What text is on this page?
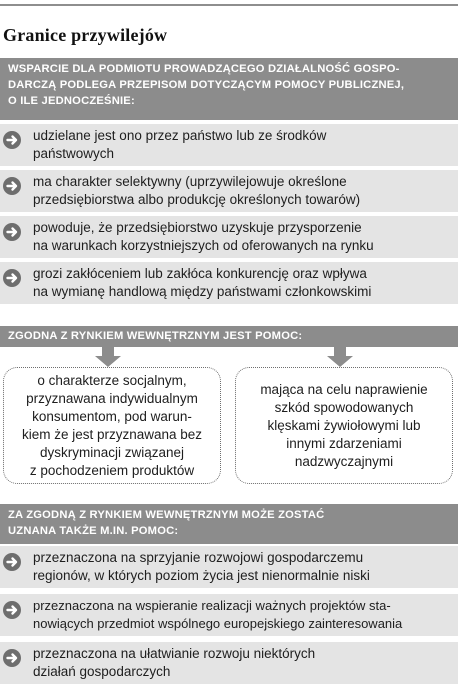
Granice przywilejów
WSPARCIE DLA PODMIOTU PROWADZĄCEGO DZIAŁALNOŚĆ GOSPO-
DARCZĄ PODLEGA PRZEPISOM DOTYCZĄCYM POMOCY PUBLICZNEJ,
O ILE JEDNOCZEŚNIE:
udzielane jest ono przez państwo lub ze środków
państwowych
ma charakter selektywny (uprzywilejowuje określone
przedsiębiorstwa albo produkcję określonych towarów)
powoduje, że przedsiębiorstwo uzyskuje przysporzenie
na warunkach korzystniejszych od oferowanych na rynku
grozi zakłóceniem lub zakłóca konkurencję oraz wpływa
na wymianę handlową między państwami członkowskimi
ZGODNA Z RYNKIEM WEWNĘTRZNYM JEST POMOC:
o charakterze socjalnym,
przyznawana indywidualnym
konsumentom, pod warun-
kiem że jest przyznawana bez
dyskryminacji związanej
z pochodzeniem produktów
mająca na celu naprawienie
szkód spowodowanych
klęskami żywiołowymi lub
innymi zdarzeniami
nadzwyczajnymi
ZA ZGODNĄ Z RYNKIEM WEWNĘTRZNYM MOŻE ZOSTAĆ
UZNANA TAKŻE M.IN. POMOC:
przeznaczona na sprzyjanie rozwojowi gospodarczemu
regionów, w których poziom życia jest nienormalnie niski
przeznaczona na wspieranie realizacji ważnych projektów sta-
nowiących przedmiot wspólnego europejskiego zainteresowania
przeznaczona na ułatwianie rozwoju niektórych
działań gospodarczych
